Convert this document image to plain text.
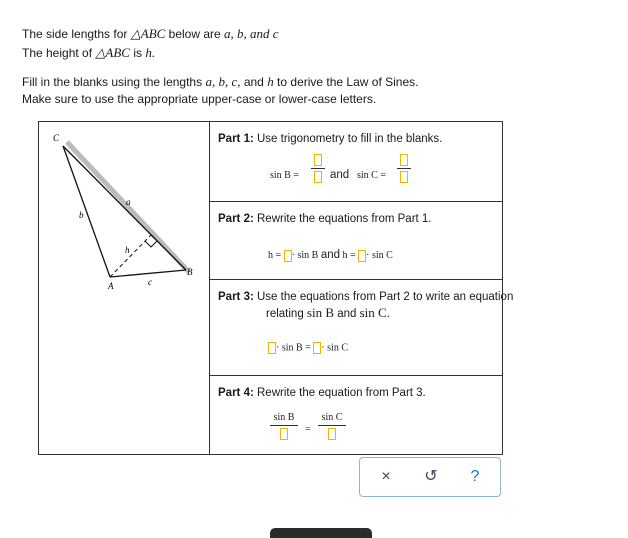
The side lengths for △ABC below are a, b, and c
The height of △ABC is h.
Fill in the blanks using the lengths a, b, c, and h to derive the Law of Sines.
Make sure to use the appropriate upper-case or lower-case letters.
C
a
b
h
A
B
c
Part 1: Use trigonometry to fill in the blanks.
sin B =	and sin C =
Part 2: Rewrite the equations from Part 1.
h = · sin B and h = · sin C
Part 3: Use the equations from Part 2 to write an equation relating sin B and sin C.
· sin B = · sin C
Part 4: Rewrite the equation from Part 3.
sin B
=
sin C
×	↺	?
